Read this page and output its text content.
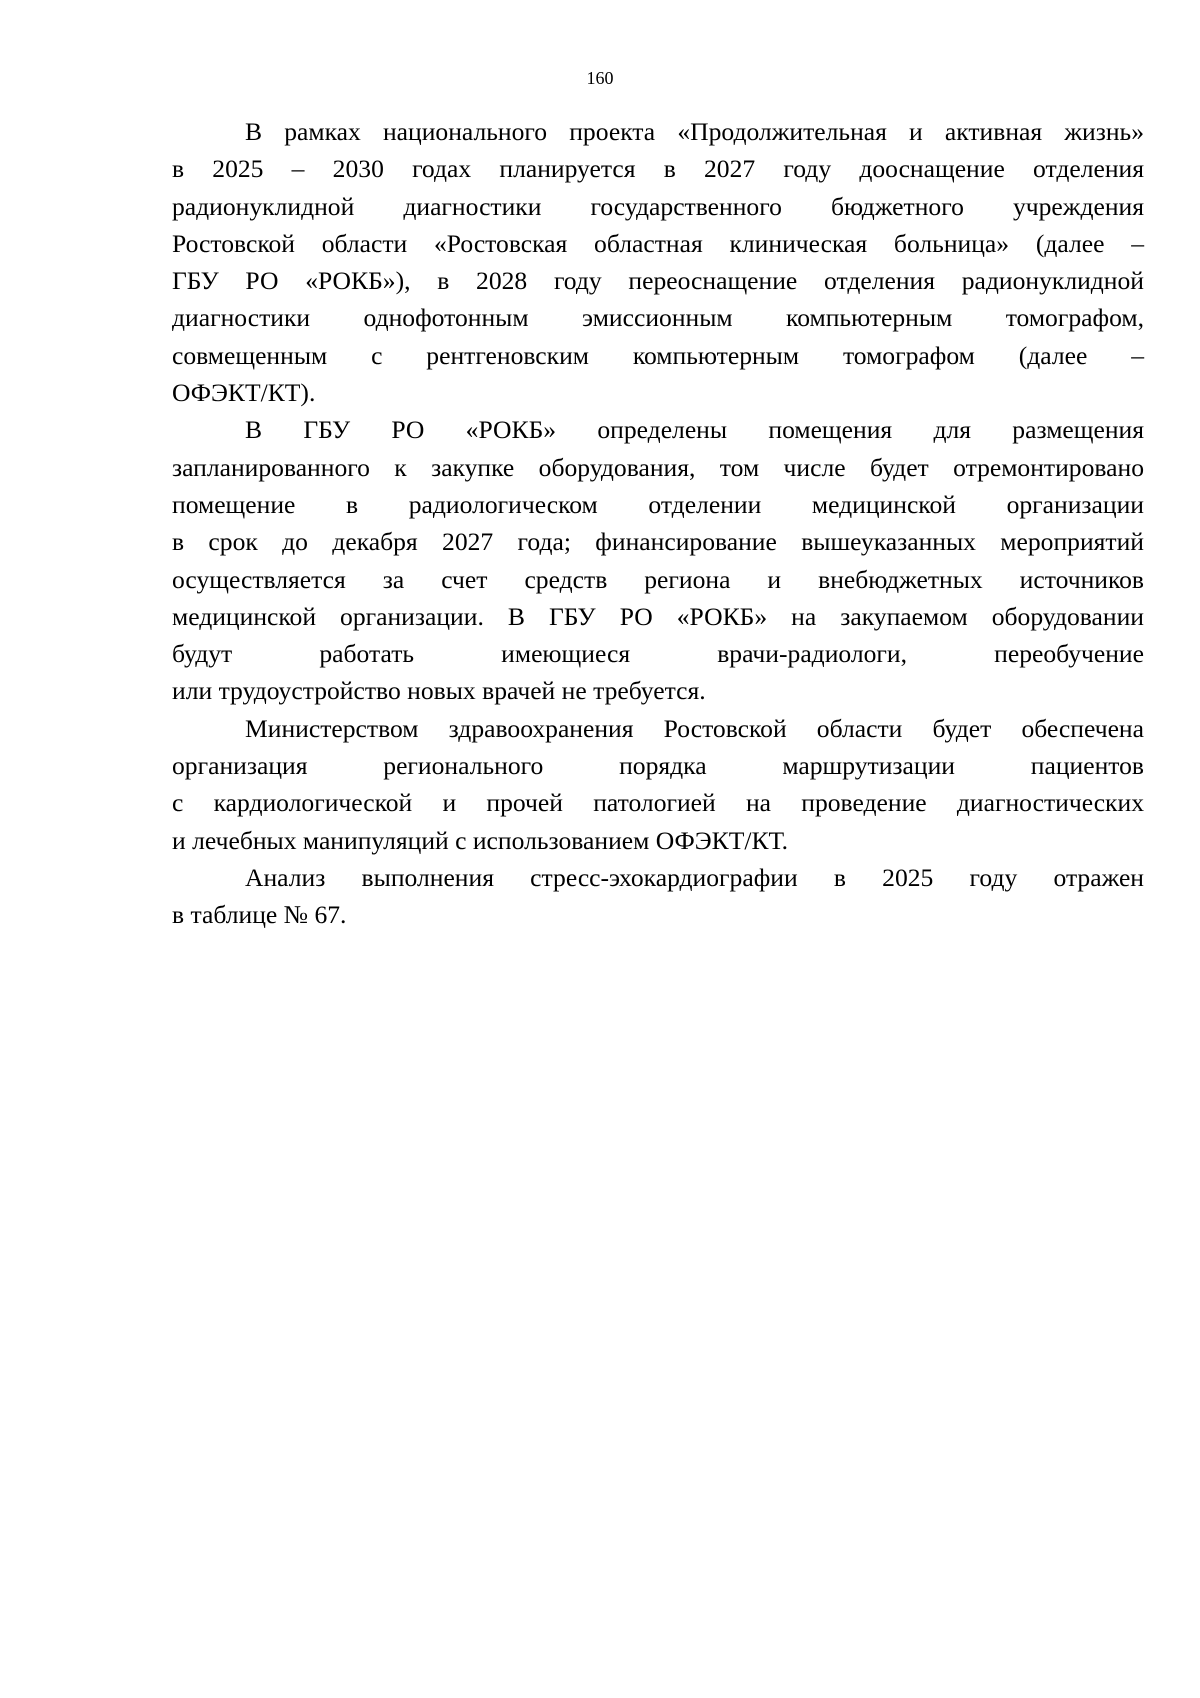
160

В рамках национального проекта «Продолжительная и активная жизнь»
в 2025 – 2030 годах планируется в 2027 году дооснащение отделения
радионуклидной диагностики государственного бюджетного учреждения
Ростовской области «Ростовская областная клиническая больница» (далее –
ГБУ РО «РОКБ»), в 2028 году переоснащение отделения радионуклидной
диагностики однофотонным эмиссионным компьютерным томографом,
совмещенным с рентгеновским компьютерным томографом (далее –
ОФЭКТ/КТ).

В ГБУ РО «РОКБ» определены помещения для размещения
запланированного к закупке оборудования, том числе будет отремонтировано
помещение в радиологическом отделении медицинской организации
в срок до декабря 2027 года; финансирование вышеуказанных мероприятий
осуществляется за счет средств региона и внебюджетных источников
медицинской организации. В ГБУ РО «РОКБ» на закупаемом оборудовании
будут работать имеющиеся врачи-радиологи, переобучение
или трудоустройство новых врачей не требуется.

Министерством здравоохранения Ростовской области будет обеспечена
организация регионального порядка маршрутизации пациентов
с кардиологической и прочей патологией на проведение диагностических
и лечебных манипуляций с использованием ОФЭКТ/КТ.

Анализ выполнения стресс-эхокардиографии в 2025 году отражен
в таблице № 67.
